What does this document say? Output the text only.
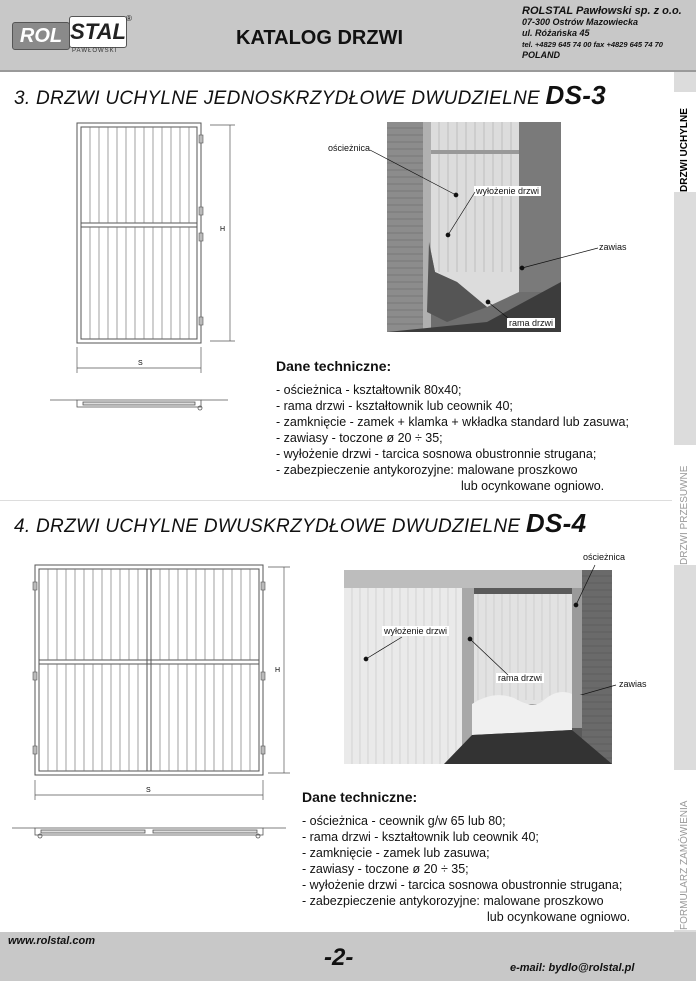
ROL STAL
PAWŁOWSKI
®
KATALOG DRZWI
ROLSTAL Pawłowski sp. z o.o.
07-300 Ostrów Mazowiecka
ul. Różańska 45
tel. +4829 645 74 00 fax +4829 645 74 70
POLAND
DRZWI UCHYLNE
DRZWI PRZESUWNE
FORMULARZ ZAMÓWIENIA
3. DRZWI UCHYLNE JEDNOSKRZYDŁOWE DWUDZIELNE DS-3
H
S
ościeżnica
wyłożenie drzwi
zawias
rama drzwi
Dane techniczne:
- ościeżnica - kształtownik 80x40;
- rama drzwi - kształtownik lub ceownik 40;
- zamknięcie - zamek + klamka + wkładka standard lub zasuwa;
- zawiasy - toczone ø 20 ÷ 35;
- wyłożenie drzwi - tarcica sosnowa obustronnie strugana;
- zabezpieczenie antykorozyjne: malowane proszkowo
lub ocynkowane ogniowo.
4. DRZWI UCHYLNE DWUSKRZYDŁOWE DWUDZIELNE DS-4
H
S
ościeżnica
wyłożenie drzwi
rama drzwi
zawias
Dane techniczne:
- ościeżnica - ceownik g/w 65 lub 80;
- rama drzwi - kształtownik lub ceownik 40;
- zamknięcie - zamek lub zasuwa;
- zawiasy - toczone ø 20 ÷ 35;
- wyłożenie drzwi - tarcica sosnowa obustronnie strugana;
- zabezpieczenie antykorozyjne: malowane proszkowo
lub ocynkowane ogniowo.
www.rolstal.com
-2-	e-mail: bydlo@rolstal.pl
